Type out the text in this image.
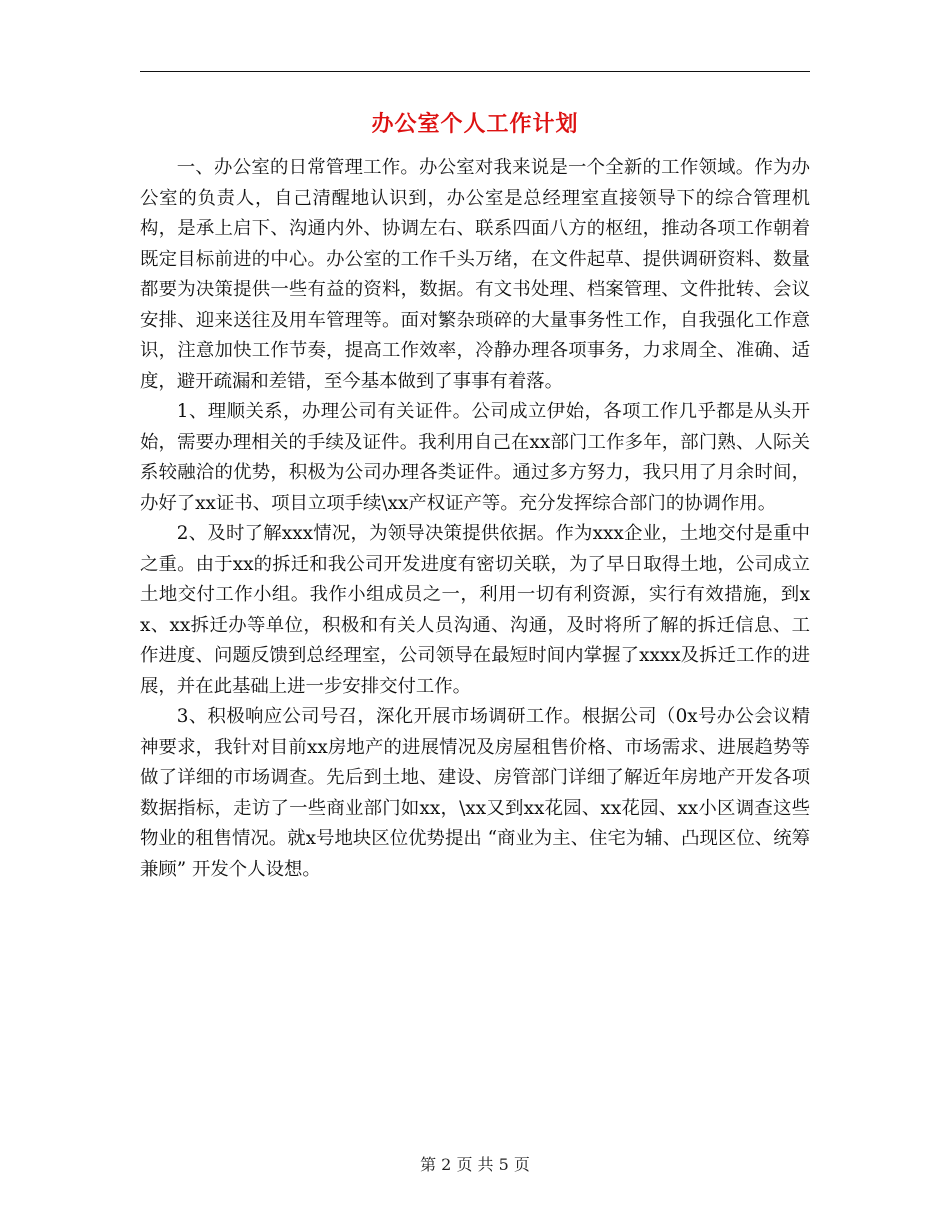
办公室个人工作计划

一、办公室的日常管理工作。办公室对我来说是一个全新的工作领域。作为办公室的负责人，自己清醒地认识到，办公室是总经理室直接领导下的综合管理机构，是承上启下、沟通内外、协调左右、联系四面八方的枢纽，推动各项工作朝着既定目标前进的中心。办公室的工作千头万绪，在文件起草、提供调研资料、数量都要为决策提供一些有益的资料，数据。有文书处理、档案管理、文件批转、会议安排、迎来送往及用车管理等。面对繁杂琐碎的大量事务性工作，自我强化工作意识，注意加快工作节奏，提高工作效率，冷静办理各项事务，力求周全、准确、适度，避开疏漏和差错，至今基本做到了事事有着落。

1、理顺关系，办理公司有关证件。公司成立伊始，各项工作几乎都是从头开始，需要办理相关的手续及证件。我利用自己在xx部门工作多年，部门熟、人际关系较融洽的优势，积极为公司办理各类证件。通过多方努力，我只用了月余时间，办好了xx证书、项目立项手续\xx产权证产等。充分发挥综合部门的协调作用。

2、及时了解xxx情况，为领导决策提供依据。作为xxx企业，土地交付是重中之重。由于xx的拆迁和我公司开发进度有密切关联，为了早日取得土地，公司成立土地交付工作小组。我作小组成员之一，利用一切有利资源，实行有效措施，到xx、xx拆迁办等单位，积极和有关人员沟通、沟通，及时将所了解的拆迁信息、工作进度、问题反馈到总经理室，公司领导在最短时间内掌握了xxxx及拆迁工作的进展，并在此基础上进一步安排交付工作。

3、积极响应公司号召，深化开展市场调研工作。根据公司（0x号办公会议精神要求，我针对目前xx房地产的进展情况及房屋租售价格、市场需求、进展趋势等做了详细的市场调查。先后到土地、建设、房管部门详细了解近年房地产开发各项数据指标，走访了一些商业部门如xx，\xx又到xx花园、xx花园、xx小区调查这些物业的租售情况。就x号地块区位优势提出 “商业为主、住宅为辅、凸现区位、统筹兼顾” 开发个人设想。

第 2 页 共 5 页
